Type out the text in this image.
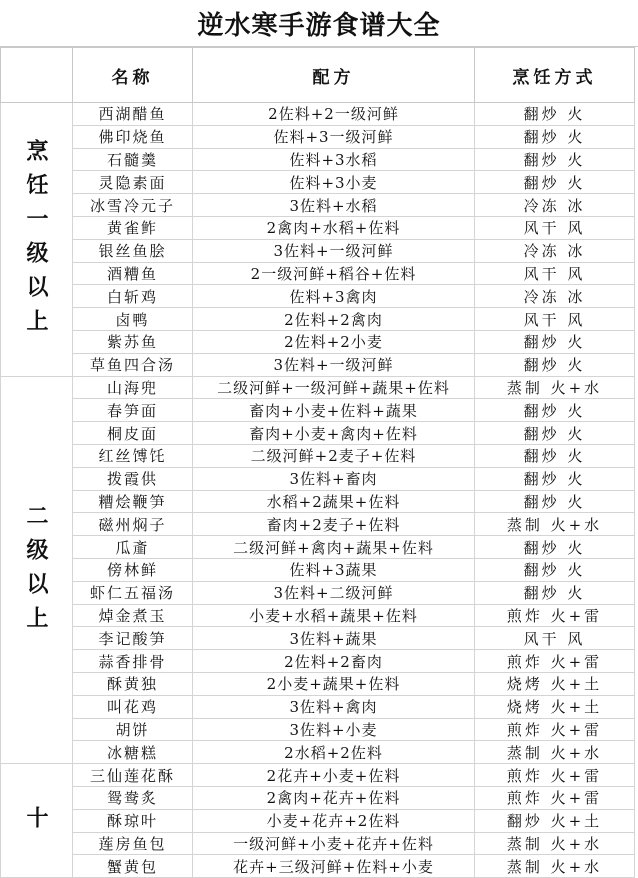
逆水寒手游食谱大全
	名称	配方	烹饪方式
烹饪一级以上	西湖醋鱼	2佐料+2一级河鲜	翻炒 火
	佛印烧鱼	佐料+3一级河鲜	翻炒 火
	石髓羹	佐料+3水稻	翻炒 火
	灵隐素面	佐料+3小麦	翻炒 火
	冰雪冷元子	3佐料+水稻	冷冻 冰
	黄雀鲊	2禽肉+水稻+佐料	风干 风
	银丝鱼脍	3佐料+一级河鲜	冷冻 冰
	酒糟鱼	2一级河鲜+稻谷+佐料	风干 风
	白斩鸡	佐料+3禽肉	冷冻 冰
	卤鸭	2佐料+2禽肉	风干 风
	紫苏鱼	2佐料+2小麦	翻炒 火
	草鱼四合汤	3佐料+一级河鲜	翻炒 火
二级以上	山海兜	二级河鲜+一级河鲜+蔬果+佐料	蒸制 火+水
	春笋面	畜肉+小麦+佐料+蔬果	翻炒 火
	桐皮面	畜肉+小麦+禽肉+佐料	翻炒 火
	红丝馎饦	二级河鲜+2麦子+佐料	翻炒 火
	拨霞供	3佐料+畜肉	翻炒 火
	糟烩鞭笋	水稻+2蔬果+佐料	翻炒 火
	磁州焖子	畜肉+2麦子+佐料	蒸制 火+水
	瓜齑	二级河鲜+禽肉+蔬果+佐料	翻炒 火
	傍林鲜	佐料+3蔬果	翻炒 火
	虾仁五福汤	3佐料+二级河鲜	翻炒 火
	焯金煮玉	小麦+水稻+蔬果+佐料	煎炸 火+雷
	李记酸笋	3佐料+蔬果	风干 风
	蒜香排骨	2佐料+2畜肉	煎炸 火+雷
	酥黄独	2小麦+蔬果+佐料	烧烤 火+土
	叫花鸡	3佐料+禽肉	烧烤 火+土
	胡饼	3佐料+小麦	煎炸 火+雷
	冰糖糕	2水稻+2佐料	蒸制 火+水
十	三仙莲花酥	2花卉+小麦+佐料	煎炸 火+雷
	鸳鸯炙	2禽肉+花卉+佐料	煎炸 火+雷
	酥琼叶	小麦+花卉+2佐料	翻炒 火+土
	莲房鱼包	一级河鲜+小麦+花卉+佐料	蒸制 火+水
	蟹黄包	花卉+三级河鲜+佐料+小麦	蒸制 火+水
